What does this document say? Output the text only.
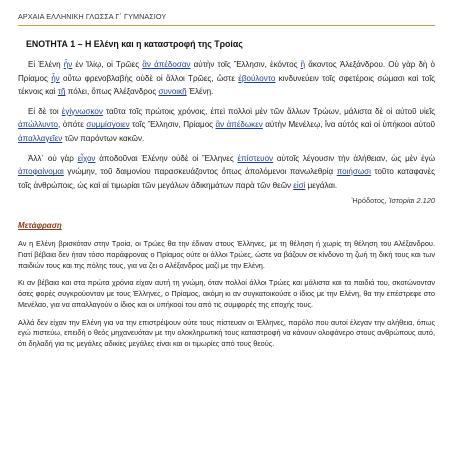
ΑΡΧΑΙΑ ΕΛΛΗΝΙΚΗ ΓΛΩΣΣΑ Γ΄ ΓΥΜΝΑΣΙΟΥ
ΕΝΟΤΗΤΑ 1 – Η Ελένη και η καταστροφή της Τροίας

Εἰ Ἑλένη ἦν ἐν Ἰλίῳ, οἱ Τρῶες ἂν ἀπέδοσαν αὐτὴν τοῖς Ἕλλησιν, ἑκόντος ἢ ἄκοντος Ἀλεξάνδρου. Οὐ γὰρ δὴ ὁ Πρίαμος ἦν οὕτω φρενοβλαβὴς οὐδὲ οἱ ἄλλοι Τρῶες, ὥστε ἐβούλοντο κινδυνεύειν τοῖς σφετέροις σώμασι καὶ τοῖς τέκνοις καὶ τῇ πόλει, ὅπως Ἀλέξανδρος συνοικῇ Ἑλένῃ.

Εἰ δὲ τοι ἐγίγνωσκον ταῦτα τοῖς πρώτοις χρόνοις, ἐπεὶ πολλοὶ μὲν τῶν ἄλλων Τρώων, μάλιστα δὲ οἱ αὐτοῦ υἱεῖς ἀπώλλυντο, ὁπότε συμμίσγοιεν τοῖς Ἕλλησιν, Πρίαμος ἂν ἀπέδωκεν αὐτὴν Μενέλεῳ, ἵνα αὐτός καὶ οἱ ὑπήκοοι αὐτοῦ ἀπαλλαγεῖεν τῶν παρόντων κακῶν.

Ἀλλ᾿ οὐ γὰρ εἶχον ἀποδοῦναι Ἑλένην οὐδὲ οἱ Ἕλληνες ἐπίστευον αὐτοῖς λέγουσιν τὴν ἀλήθειαν, ὡς μὲν ἐγὼ ἀποφαίνομαι γνώμην, τοῦ δαιμονίου παρασκευάζοντος ὅπως ἀπολόμενοι πανωλεθρίᾳ ποιήσωσι τοῦτο καταφανὲς τοῖς ἀνθρώποις, ὡς καὶ αἱ τιμωρίαι τῶν μεγάλων ἀδικημάτων παρὰ τῶν θεῶν εἰσὶ μεγάλαι.

Ἡρόδοτος, Ἱστορίαι 2.120
Μετάφραση

Αν η Ελένη βρισκόταν στην Τροία, οι Τρώες θα την έδιναν στους Έλληνες, με τη θέληση ή χωρίς τη θέληση του Αλέξανδρου. Γιατί βέβαια δεν ήταν τόσο παράφρονας ο Πρίαμος ούτε οι άλλοι Τρώες, ώστε να βάζουν σε κίνδυνο τη ζωή τη δική τους και των παιδιών τους και της πόλης τους, για να ζει ο Αλέξανδρος μαζί με την Ελένη.

Κι αν βέβαια και στα πρώτα χρόνια είχαν αυτή τη γνώμη, όταν πολλοί άλλοι Τρώες και μάλιστα και τα παιδιά του, σκοτώνονταν όσες φορές συγκρούονταν με τους Έλληνες, ο Πρίαμος, ακόμη κι αν συγκατοικούσε ο ίδιος με την Ελένη, θα την επέστρεφε στο Μενέλαο, για να απαλλαγούν ο ίδιος και οι υπήκοοί του από τις συμφορές της εποχής τους.

Αλλά δεν είχαν την Ελένη για να την επιστρέψουν ούτε τους πίστευαν οι Έλληνες, παρόλο που αυτοί έλεγαν την αλήθεια, όπως εγώ πιστεύω, επειδή ο θεός μηχανευόταν με την ολοκληρωτική τους καταστροφή να κάνουν ολοφάνερο στους ανθρώπους αυτό, ότι δηλαδή για τις μεγάλες αδικίες μεγάλες είναι και οι τιμωρίες από τους θεούς.
